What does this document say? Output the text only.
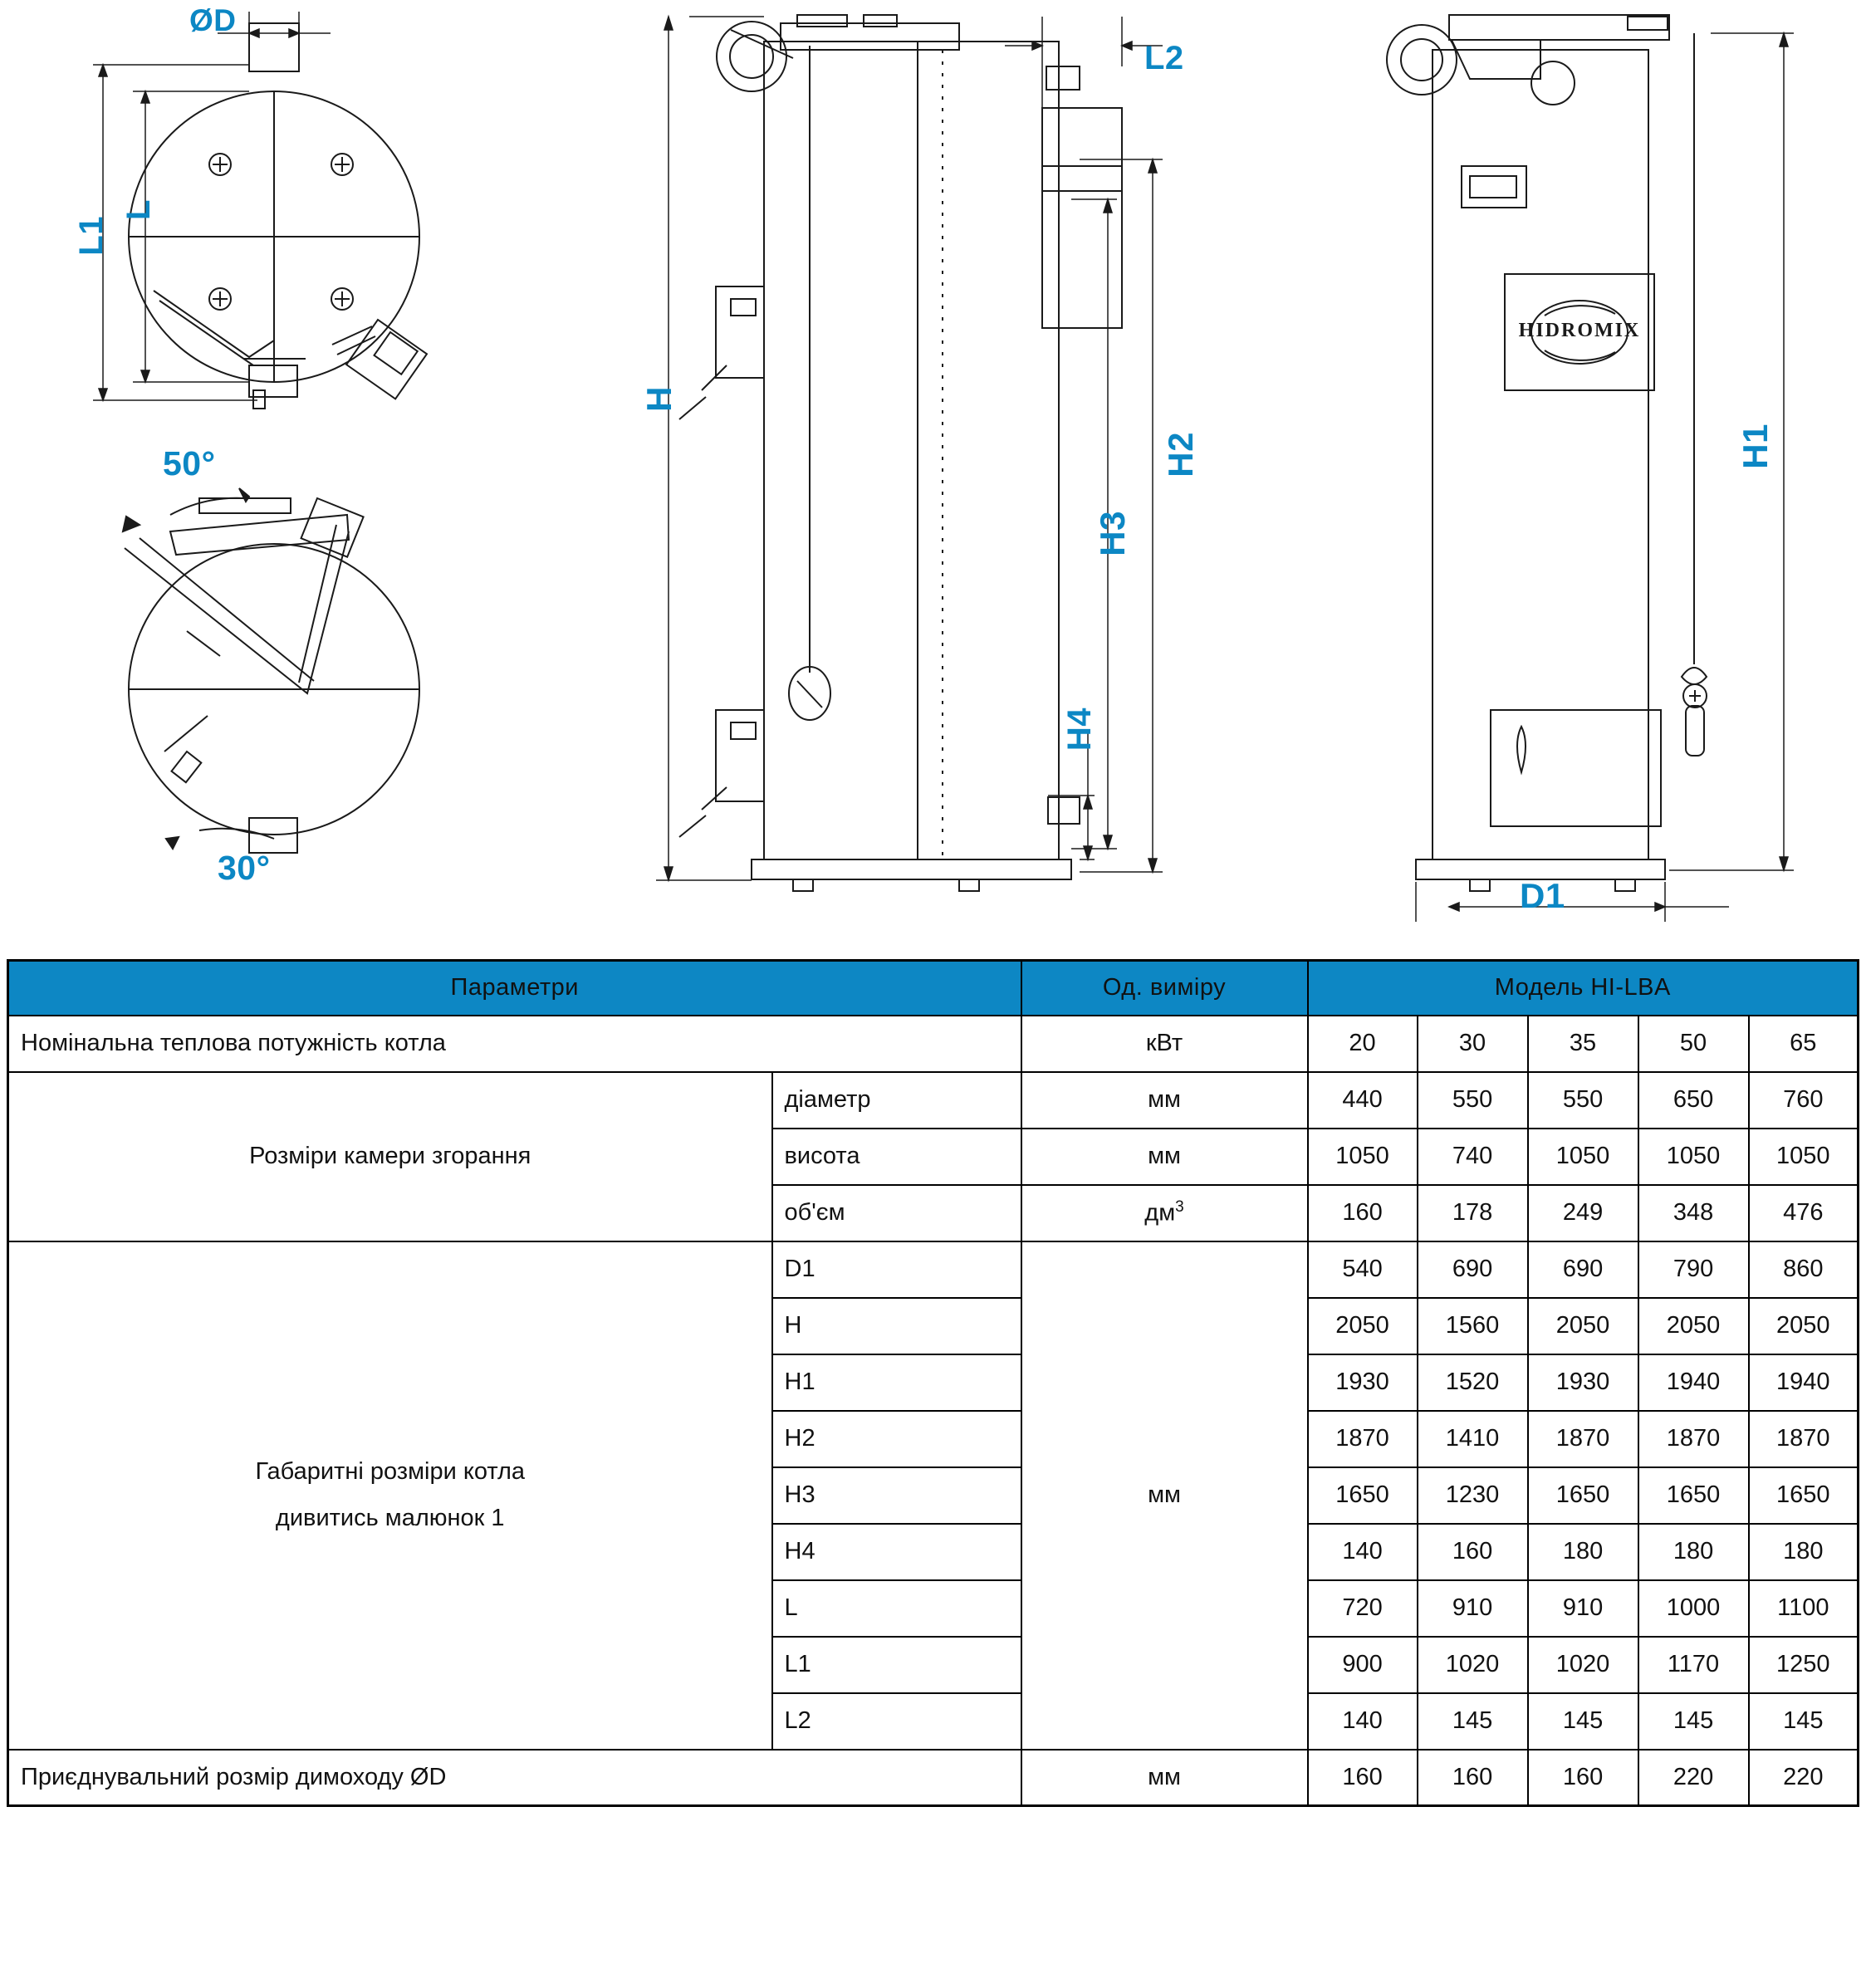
ØD
L
L1
50°
30°
H
L2
H2
H3
H4
H1
D1
HIDROMIX
Параметри		Од. виміру	Модель HI-LBA				
Номінальна теплова потужність котла		кВт	20	30	35	50	65
Розміри камери згорання	діаметр	мм	440	550	550	650	760
	висота	мм	1050	740	1050	1050	1050
	об'єм	$дм^3$	160	178	249	348	476

Габаритні розміри котла
дивитись малюнок 1	D1	мм	540	690	690	790	860
	H		2050	1560	2050	2050	2050
	H1		1930	1520	1930	1940	1940
	H2		1870	1410	1870	1870	1870
	H3		1650	1230	1650	1650	1650
	H4		140	160	180	180	180
	L		720	910	910	1000	1100
	L1		900	1020	1020	1170	1250
	L2		140	145	145	145	145
Приєднувальний розмір димоходу ØD		мм	160	160	160	220	220
